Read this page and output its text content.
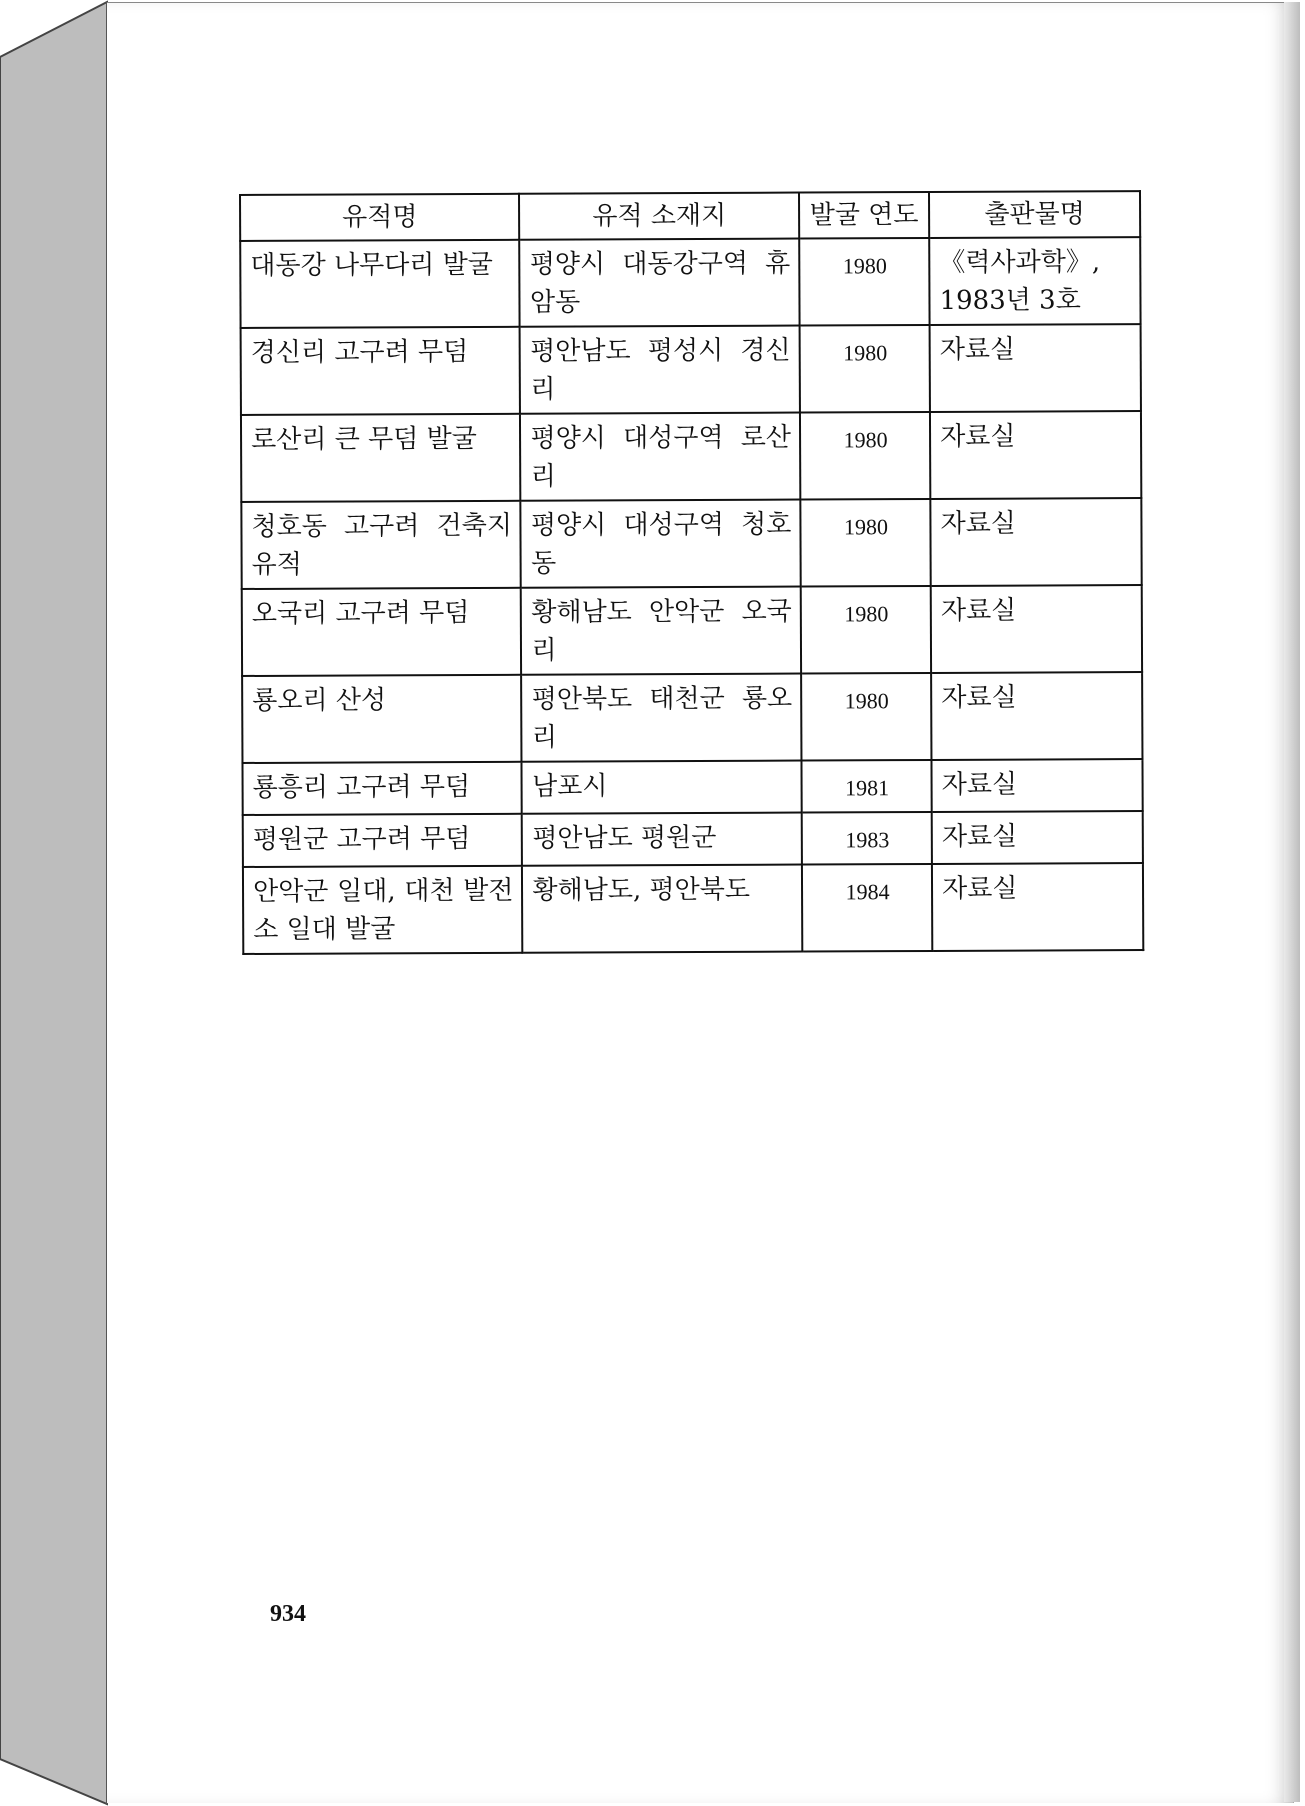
유적명	유적 소재지	발굴 연도	출판물명
대동강 나무다리 발굴	평양시 대동강구역 휴암동	1980	《력사과학》, 1983년 3호
경신리 고구려 무덤	평안남도 평성시 경신리	1980	자료실
로산리 큰 무덤 발굴	평양시 대성구역 로산리	1980	자료실
청호동 고구려 건축지 유적	평양시 대성구역 청호동	1980	자료실
오국리 고구려 무덤	황해남도 안악군 오국리	1980	자료실
룡오리 산성	평안북도 태천군 룡오리	1980	자료실
룡흥리 고구려 무덤	남포시	1981	자료실
평원군 고구려 무덤	평안남도 평원군	1983	자료실
안악군 일대, 대천 발전소 일대 발굴	황해남도, 평안북도	1984	자료실
934
